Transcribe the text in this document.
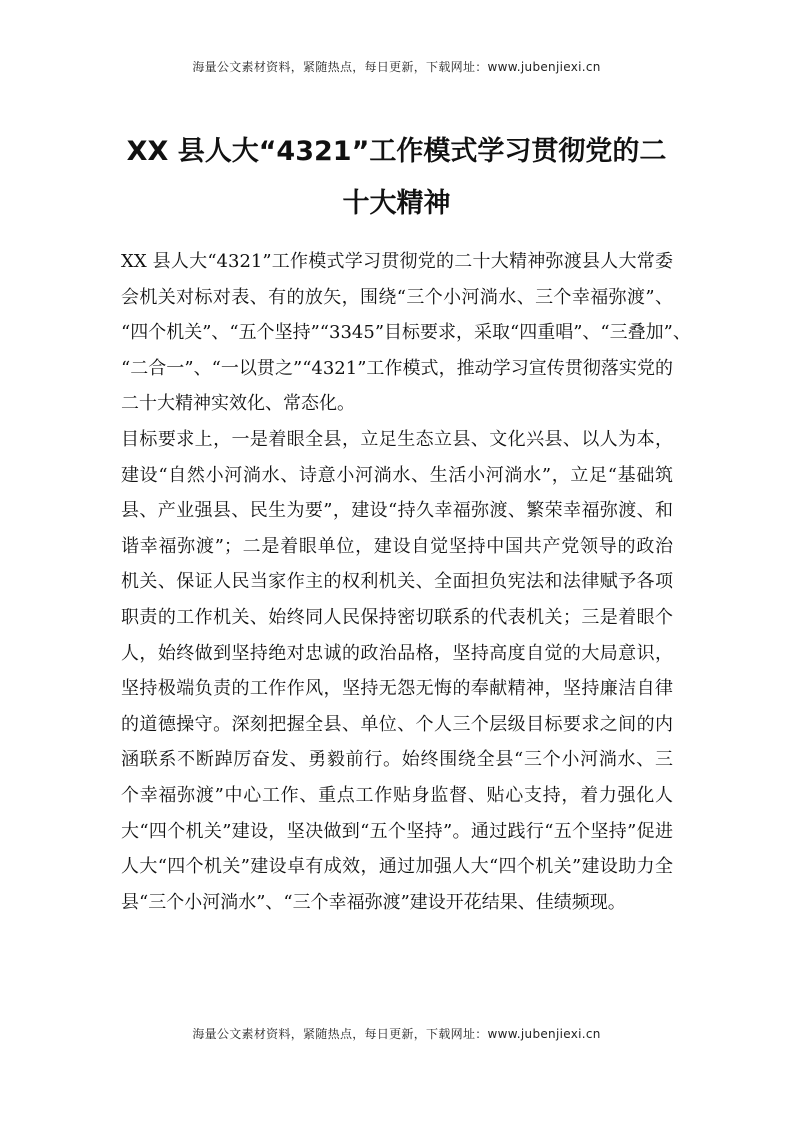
海量公文素材资料，紧随热点，每日更新，下载网址：www.jubenjiexi.cn
XX 县人大“4321”工作模式学习贯彻党的二
十大精神
XX 县人大“4321”工作模式学习贯彻党的二十大精神弥渡县人大常委
会机关对标对表、有的放矢，围绕“三个小河淌水、三个幸福弥渡”、
“四个机关”、“五个坚持”“3345”目标要求，采取“四重唱”、“三叠加”、
“二合一”、“一以贯之”“4321”工作模式，推动学习宣传贯彻落实党的
二十大精神实效化、常态化。
目标要求上，一是着眼全县，立足生态立县、文化兴县、以人为本，
建设“自然小河淌水、诗意小河淌水、生活小河淌水”，立足“基础筑
县、产业强县、民生为要”，建设“持久幸福弥渡、繁荣幸福弥渡、和
谐幸福弥渡”；二是着眼单位，建设自觉坚持中国共产党领导的政治
机关、保证人民当家作主的权利机关、全面担负宪法和法律赋予各项
职责的工作机关、始终同人民保持密切联系的代表机关；三是着眼个
人，始终做到坚持绝对忠诚的政治品格，坚持高度自觉的大局意识，
坚持极端负责的工作作风，坚持无怨无悔的奉献精神，坚持廉洁自律
的道德操守。深刻把握全县、单位、个人三个层级目标要求之间的内
涵联系不断踔厉奋发、勇毅前行。始终围绕全县“三个小河淌水、三
个幸福弥渡”中心工作、重点工作贴身监督、贴心支持，着力强化人
大“四个机关”建设，坚决做到“五个坚持”。通过践行“五个坚持”促进
人大“四个机关”建设卓有成效，通过加强人大“四个机关”建设助力全
县“三个小河淌水”、“三个幸福弥渡”建设开花结果、佳绩频现。
海量公文素材资料，紧随热点，每日更新，下载网址：www.jubenjiexi.cn
